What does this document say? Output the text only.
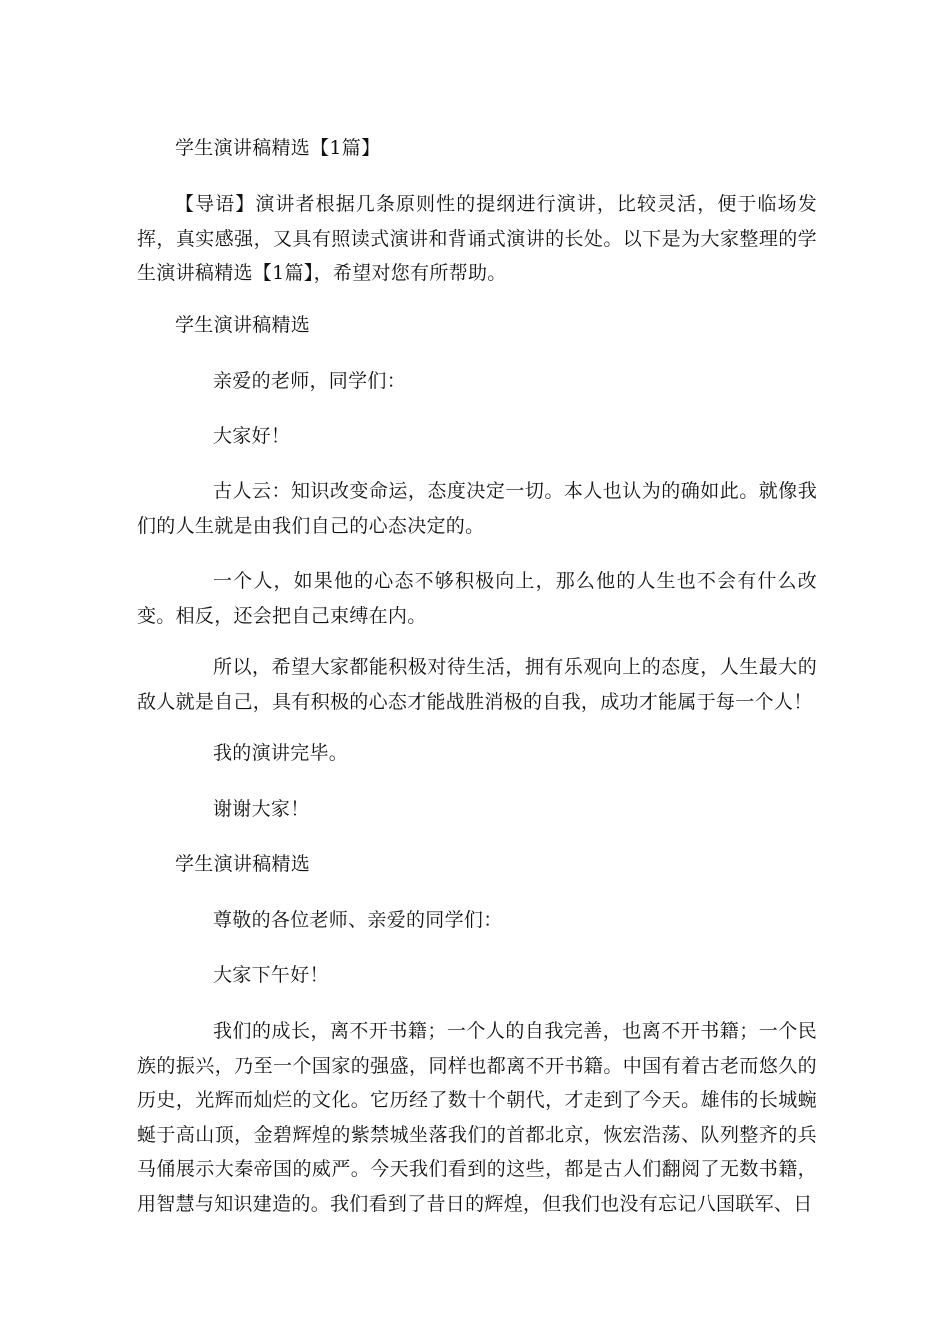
学生演讲稿精选【1篇】

【导语】演讲者根据几条原则性的提纲进行演讲，比较灵活，便于临场发挥，真实感强，又具有照读式演讲和背诵式演讲的长处。以下是为大家整理的学生演讲稿精选【1篇】，希望对您有所帮助。

学生演讲稿精选

亲爱的老师，同学们：

大家好！

古人云：知识改变命运，态度决定一切。本人也认为的确如此。就像我们的人生就是由我们自己的心态决定的。

一个人，如果他的心态不够积极向上，那么他的人生也不会有什么改变。相反，还会把自己束缚在内。

所以，希望大家都能积极对待生活，拥有乐观向上的态度，人生最大的敌人就是自己，具有积极的心态才能战胜消极的自我，成功才能属于每一个人！

我的演讲完毕。

谢谢大家！

学生演讲稿精选

尊敬的各位老师、亲爱的同学们：

大家下午好！

我们的成长，离不开书籍；一个人的自我完善，也离不开书籍；一个民族的振兴，乃至一个国家的强盛，同样也都离不开书籍。中国有着古老而悠久的历史，光辉而灿烂的文化。它历经了数十个朝代，才走到了今天。雄伟的长城蜿蜒于高山顶，金碧辉煌的紫禁城坐落我们的首都北京，恢宏浩荡、队列整齐的兵马俑展示大秦帝国的威严。今天我们看到的这些，都是古人们翻阅了无数书籍，用智慧与知识建造的。我们看到了昔日的辉煌，但我们也没有忘记八国联军、日
